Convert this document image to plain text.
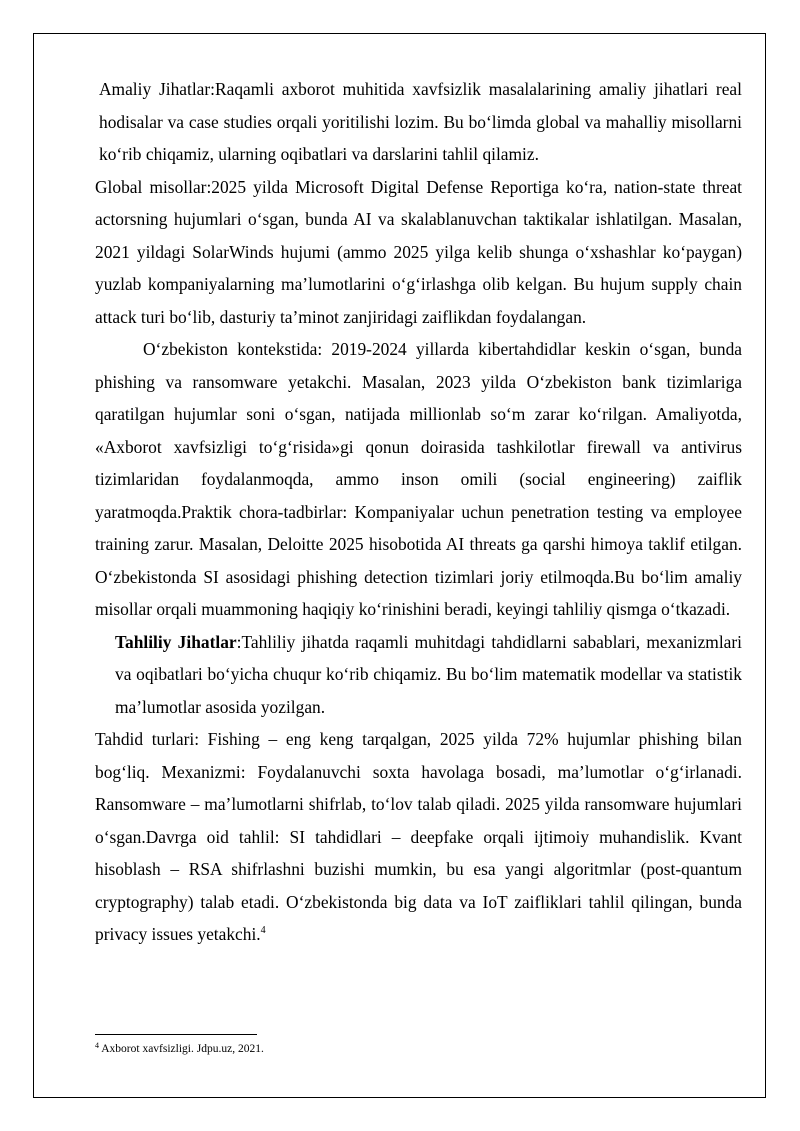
Amaliy Jihatlar:Raqamli axborot muhitida xavfsizlik masalalarining amaliy jihatlari real hodisalar va case studies orqali yoritilishi lozim. Bu bo‘limda global va mahalliy misollarni ko‘rib chiqamiz, ularning oqibatlari va darslarini tahlil qilamiz.

Global misollar:2025 yilda Microsoft Digital Defense Reportiga ko‘ra, nation-state threat actorsning hujumlari o‘sgan, bunda AI va skalablanuvchan taktikalar ishlatilgan. Masalan, 2021 yildagi SolarWinds hujumi (ammo 2025 yilga kelib shunga o‘xshashlar ko‘paygan) yuzlab kompaniyalarning ma’lumotlarini o‘g‘irlashga olib kelgan. Bu hujum supply chain attack turi bo‘lib, dasturiy ta’minot zanjiridagi zaiflikdan foydalangan.

O‘zbekiston kontekstida: 2019-2024 yillarda kibertahdidlar keskin o‘sgan, bunda phishing va ransomware yetakchi. Masalan, 2023 yilda O‘zbekiston bank tizimlariga qaratilgan hujumlar soni o‘sgan, natijada millionlab so‘m zarar ko‘rilgan. Amaliyotda, «Axborot xavfsizligi to‘g‘risida»gi qonun doirasida tashkilotlar firewall va antivirus tizimlaridan foydalanmoqda, ammo inson omili (social engineering) zaiflik yaratmoqda.Praktik chora-tadbirlar: Kompaniyalar uchun penetration testing va employee training zarur. Masalan, Deloitte 2025 hisobotida AI threats ga qarshi himoya taklif etilgan. O‘zbekistonda SI asosidagi phishing detection tizimlari joriy etilmoqda.Bu bo‘lim amaliy misollar orqali muammoning haqiqiy ko‘rinishini beradi, keyingi tahliliy qismga o‘tkazadi.

Tahliliy Jihatlar:Tahliliy jihatda raqamli muhitdagi tahdidlarni sabablari, mexanizmlari va oqibatlari bo‘yicha chuqur ko‘rib chiqamiz. Bu bo‘lim matematik modellar va statistik ma’lumotlar asosida yozilgan.

Tahdid turlari: Fishing – eng keng tarqalgan, 2025 yilda 72% hujumlar phishing bilan bog‘liq. Mexanizmi: Foydalanuvchi soxta havolaga bosadi, ma’lumotlar o‘g‘irlanadi. Ransomware – ma’lumotlarni shifrlab, to‘lov talab qiladi. 2025 yilda ransomware hujumlari o‘sgan.Davrga oid tahlil: SI tahdidlari – deepfake orqali ijtimoiy muhandislik. Kvant hisoblash – RSA shifrlashni buzishi mumkin, bu esa yangi algoritmlar (post-quantum cryptography) talab etadi. O‘zbekistonda big data va IoT zaifliklari tahlil qilingan, bunda privacy issues yetakchi.$^4$

$^4$ Axborot xavfsizligi. Jdpu.uz, 2021.
